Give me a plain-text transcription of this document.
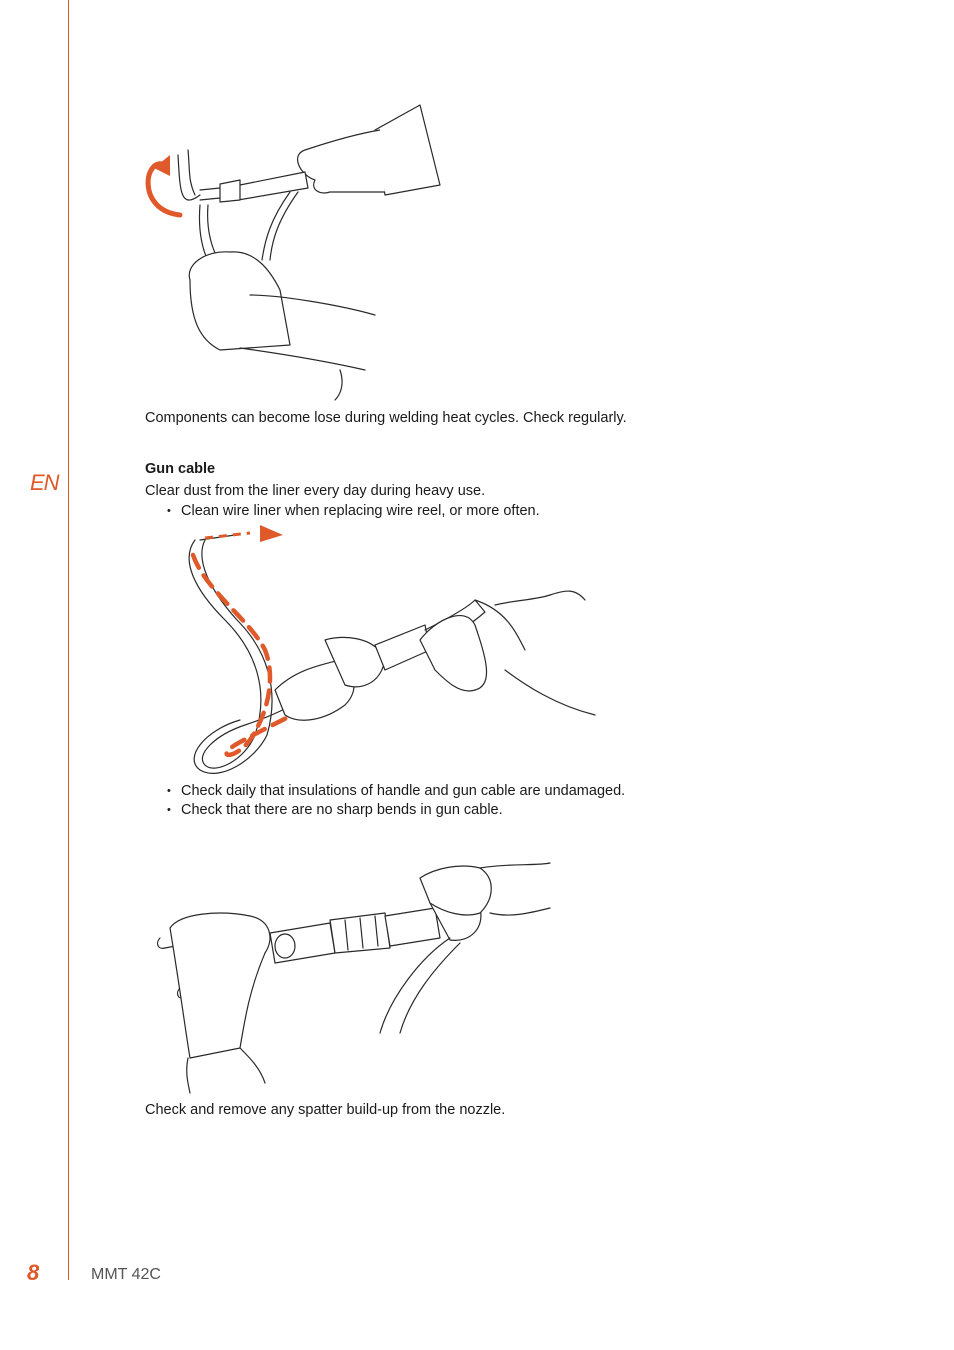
EN

Components can become lose during welding heat cycles. Check regularly.

Gun cable

Clear dust from the liner every day during heavy use.

• Clean wire liner when replacing wire reel, or more often.
• Check daily that insulations of handle and gun cable are undamaged.
• Check that there are no sharp bends in gun cable.

Check and remove any spatter build-up from the nozzle.

8	MMT 42C
